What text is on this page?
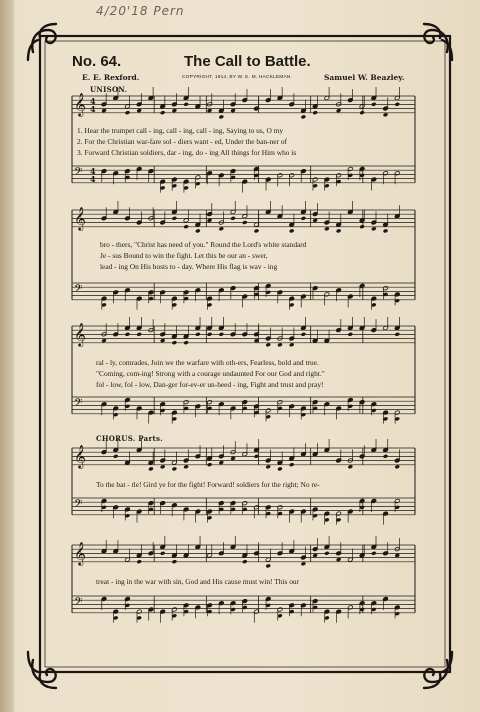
4/20'18 Pern
No. 64.	The Call to Battle.
E. E. Rexford.	COPYRIGHT, 1914, BY W. E. M. HACKLEMAN.	Samuel W. Beazley.
UNISON.
CHORUS. Parts.
𝄞
𝄢
4
4
4
4
𝄞
𝄢
𝄞
𝄢
𝄞
𝄢
𝄞
𝄢
1. Hear the trumpet call - ing, call - ing, call - ing, Saying to us, O my
2. For the Christian war-fare sol - diers want - ed, Under the ban-ner of
3. Forward Christian soldiers, dar - ing, do - ing All things for Him who is
bro - thers, "Christ has need of you." Round the Lord's white standard
Je - sus Bound to win the fight. Let this be our an - swer,
lead - ing On His hosts to - day. Where His flag is wav - ing
ral - ly, comrades, Join we the warfare with oth-ers, Fearless, bold and true.
"Coming, com-ing! Strong with a courage undaunted For our God and right."
fol - low, fol - low, Dan-ger for-ev-er un-heed - ing, Fight and trust and pray!
To the bat - tle! Gird ye for the fight! Forward! soldiers for the right; No re-
treat - ing in the war with sin, God and His cause must win! This our
